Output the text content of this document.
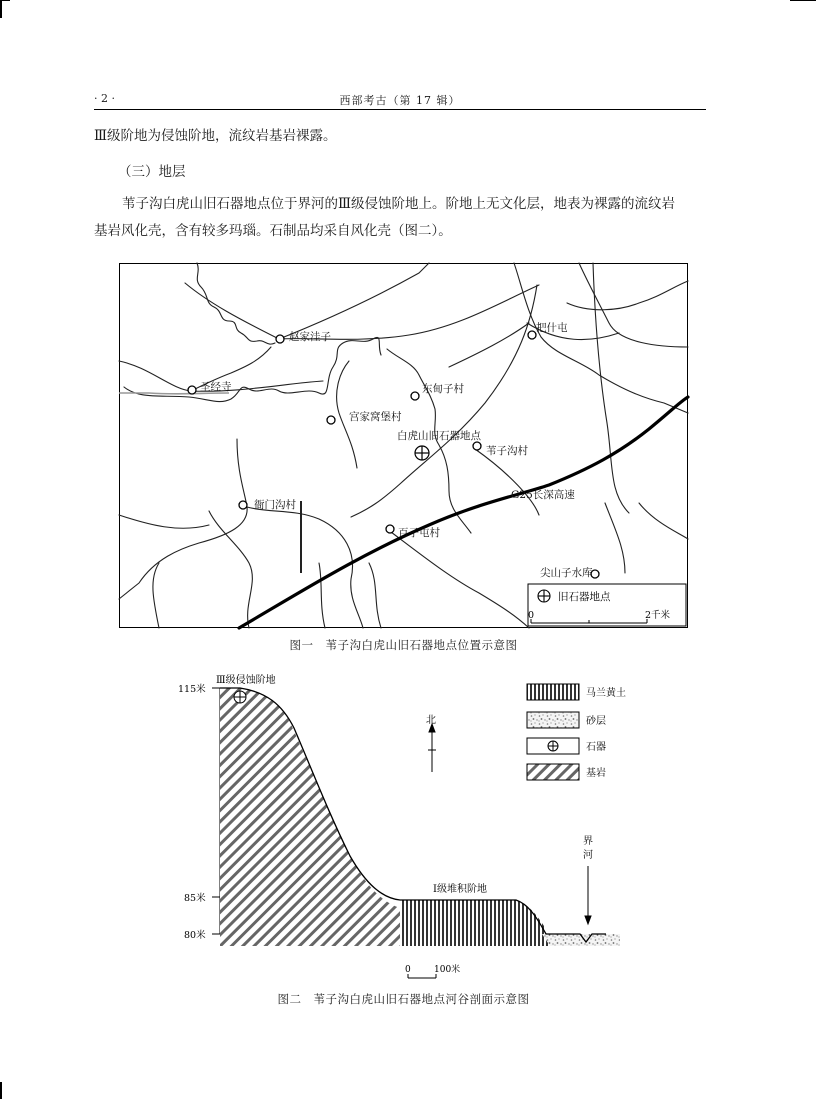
· 2 ·	西部考古（第 17 辑）

Ⅲ级阶地为侵蚀阶地，流纹岩基岩裸露。

（三）地层

苇子沟白虎山旧石器地点位于界河的Ⅲ级侵蚀阶地上。阶地上无文化层，地表为裸露的流纹岩

基岩风化壳，含有较多玛瑙。石制品均采自风化壳（图二）。

赵家洼子
把什屯
圣经寺	东甸子村
宫家窝堡村
白虎山旧石器地点
苇子沟村
衙门沟村
G25长深高速
百子屯村
尖山子水库
旧石器地点
0	2千米
图一　苇子沟白虎山旧石器地点位置示意图
115米
85米
80米
Ⅲ级侵蚀阶地
Ⅰ级堆积阶地
北
界
河
马兰黄土
砂层
石器
基岩
0	100米
图二　苇子沟白虎山旧石器地点河谷剖面示意图
